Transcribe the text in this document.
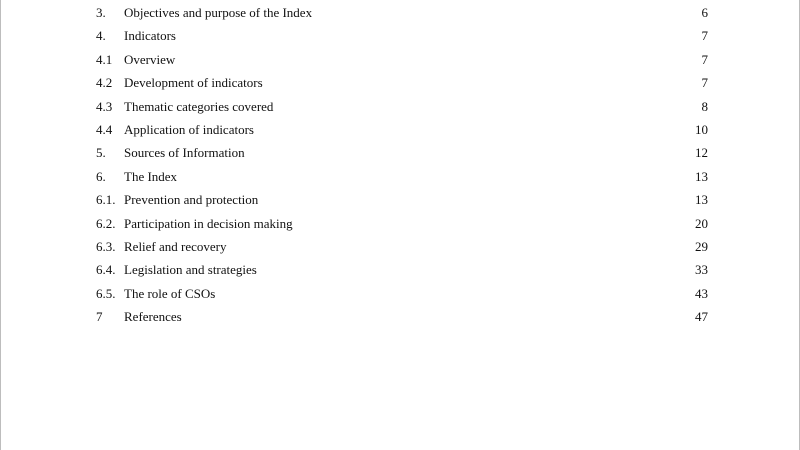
3.	Objectives and purpose of the Index .....	6
4.	Indicators .....	7
4.1 Overview .....	7
4.2 Development of indicators .....	7
4.3 Thematic categories covered .....	8
4.4 Application of indicators .....	10
5.	Sources of Information .....	12
6.	The Index .....	13
6.1. Prevention and protection .....	13
6.2. Participation in decision making .....	20
6.3. Relief and recovery .....	29
6.4. Legislation and strategies .....	33
6.5. The role of CSOs .....	43
7	References .....	47
